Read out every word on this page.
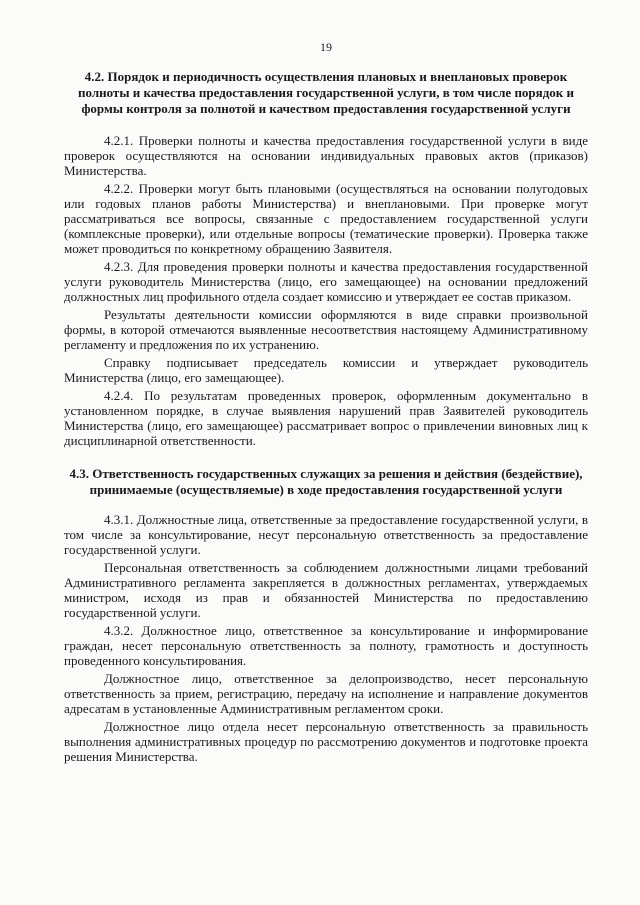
19
4.2. Порядок и периодичность осуществления плановых и внеплановых проверок полноты и качества предоставления государственной услуги, в том числе порядок и формы контроля за полнотой и качеством предоставления государственной услуги

4.2.1. Проверки полноты и качества предоставления государственной услуги в виде проверок осуществляются на основании индивидуальных правовых актов (приказов) Министерства.

4.2.2. Проверки могут быть плановыми (осуществляться на основании полугодовых или годовых планов работы Министерства) и внеплановыми. При проверке могут рассматриваться все вопросы, связанные с предоставлением государственной услуги (комплексные проверки), или отдельные вопросы (тематические проверки). Проверка также может проводиться по конкретному обращению Заявителя.

4.2.3. Для проведения проверки полноты и качества предоставления государственной услуги руководитель Министерства (лицо, его замещающее) на основании предложений должностных лиц профильного отдела создает комиссию и утверждает ее состав приказом.

Результаты деятельности комиссии оформляются в виде справки произвольной формы, в которой отмечаются выявленные несоответствия настоящему Административному регламенту и предложения по их устранению.

Справку подписывает председатель комиссии и утверждает руководитель Министерства (лицо, его замещающее).

4.2.4. По результатам проведенных проверок, оформленным документально в установленном порядке, в случае выявления нарушений прав Заявителей руководитель Министерства (лицо, его замещающее) рассматривает вопрос о привлечении виновных лиц к дисциплинарной ответственности.

4.3. Ответственность государственных служащих за решения и действия (бездействие), принимаемые (осуществляемые) в ходе предоставления государственной услуги

4.3.1. Должностные лица, ответственные за предоставление государственной услуги, в том числе за консультирование, несут персональную ответственность за предоставление государственной услуги.

Персональная ответственность за соблюдением должностными лицами требований Административного регламента закрепляется в должностных регламентах, утверждаемых министром, исходя из прав и обязанностей Министерства по предоставлению государственной услуги.

4.3.2. Должностное лицо, ответственное за консультирование и информирование граждан, несет персональную ответственность за полноту, грамотность и доступность проведенного консультирования.

Должностное лицо, ответственное за делопроизводство, несет персональную ответственность за прием, регистрацию, передачу на исполнение и направление документов адресатам в установленные Административным регламентом сроки.

Должностное лицо отдела несет персональную ответственность за правильность выполнения административных процедур по рассмотрению документов и подготовке проекта решения Министерства.
